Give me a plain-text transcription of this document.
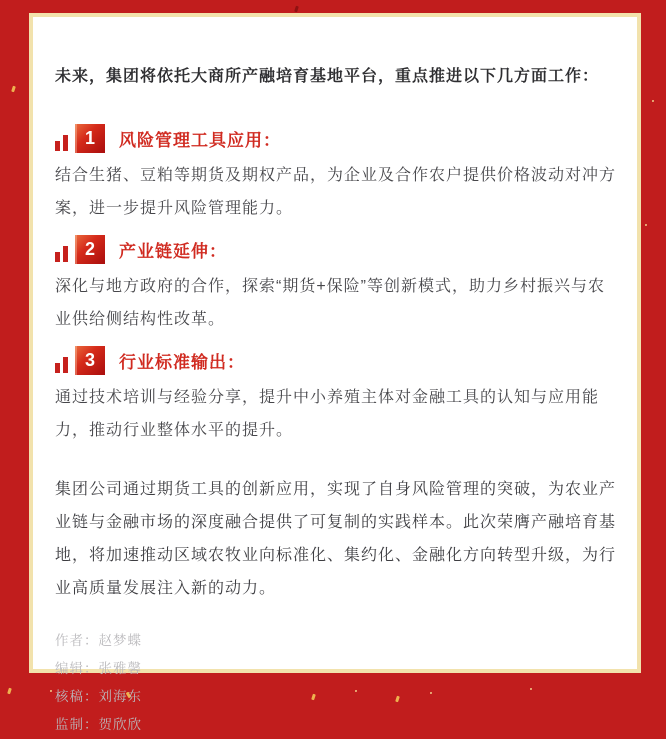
未来，集团将依托大商所产融培育基地平台，重点推进以下几方面工作：

1	风险管理工具应用：

结合生猪、豆粕等期货及期权产品，为企业及合作农户提供价格波动对冲方案，进一步提升风险管理能力。

2	产业链延伸：

深化与地方政府的合作，探索“期货+保险”等创新模式，助力乡村振兴与农业供给侧结构性改革。

3	行业标准输出：

通过技术培训与经验分享，提升中小养殖主体对金融工具的认知与应用能力，推动行业整体水平的提升。

集团公司通过期货工具的创新应用，实现了自身风险管理的突破，为农业产业链与金融市场的深度融合提供了可复制的实践样本。此次荣膺产融培育基地，将加速推动区域农牧业向标准化、集约化、金融化方向转型升级，为行业高质量发展注入新的动力。

作者：赵梦蝶

编辑：张雅馨

核稿：刘海东

监制：贺欣欣
